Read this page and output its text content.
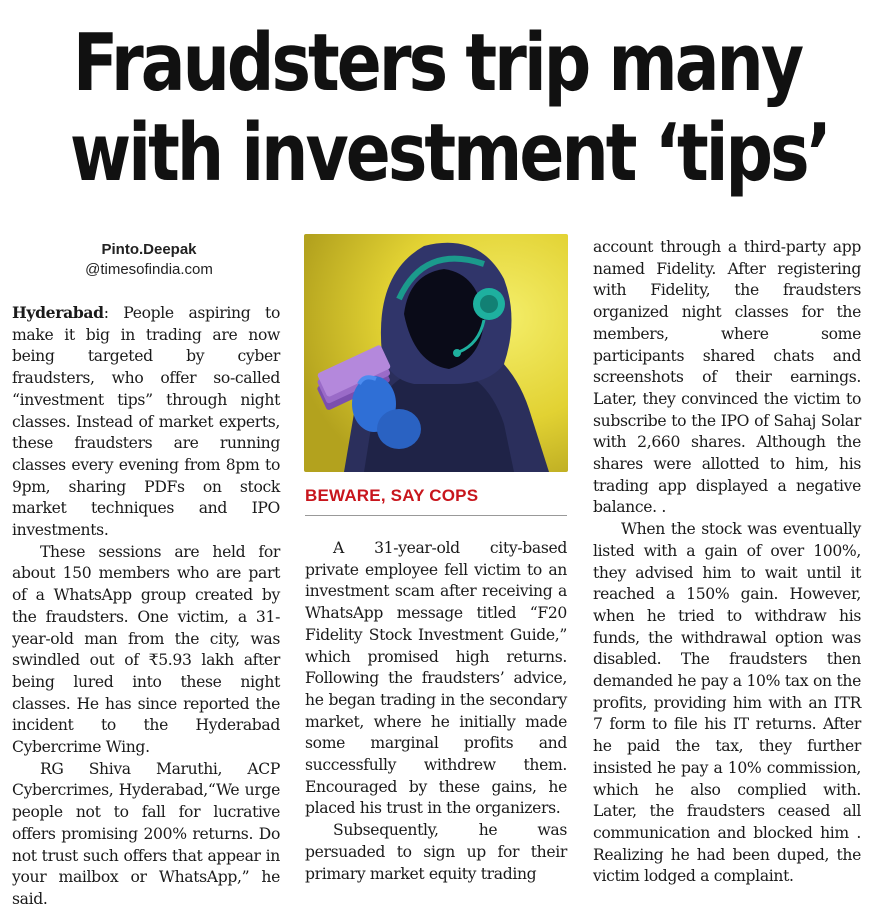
Fraudsters trip many
with investment ‘tips’
Pinto.Deepak
@timesofindia.com

Hyderabad: People aspiring to make it big in trading are now being targeted by cyber fraudsters, who offer so-called “investment tips” through night classes. Instead of market experts, these fraudsters are running classes every evening from 8pm to 9pm, sharing PDFs on stock market techniques and IPO investments.

These sessions are held for about 150 members who are part of a WhatsApp group created by the fraudsters. One victim, a 31-year-old man from the city, was swindled out of ₹5.93 lakh after being lured into these night classes. He has since reported the incident to the Hyderabad Cybercrime Wing.

RG Shiva Maruthi, ACP Cybercrimes, Hyderabad,“We urge people not to fall for lucrative offers promising 200% returns. Do not trust such offers that appear in your mailbox or WhatsApp,” he said.

BEWARE, SAY COPS

A 31-year-old city-based private employee fell victim to an investment scam after receiving a WhatsApp message titled “F20 Fidelity Stock Investment Guide,” which promised high returns. Following the fraudsters’ advice, he began trading in the secondary market, where he initially made some marginal profits and successfully withdrew them. Encouraged by these gains, he placed his trust in the organizers.

Subsequently, he was persuaded to sign up for their primary market equity trading

account through a third-party app named Fidelity. After registering with Fidelity, the fraudsters organized night classes for the members, where some participants shared chats and screenshots of their earnings. Later, they convinced the victim to subscribe to the IPO of Sahaj Solar with 2,660 shares. Although the shares were allotted to him, his trading app displayed a negative balance. .

When the stock was eventually listed with a gain of over 100%, they advised him to wait until it reached a 150% gain. However, when he tried to withdraw his funds, the withdrawal option was disabled. The fraudsters then demanded he pay a 10% tax on the profits, providing him with an ITR 7 form to file his IT returns. After he paid the tax, they further insisted he pay a 10% commission, which he also complied with. Later, the fraudsters ceased all communication and blocked him . Realizing he had been duped, the victim lodged a complaint.
